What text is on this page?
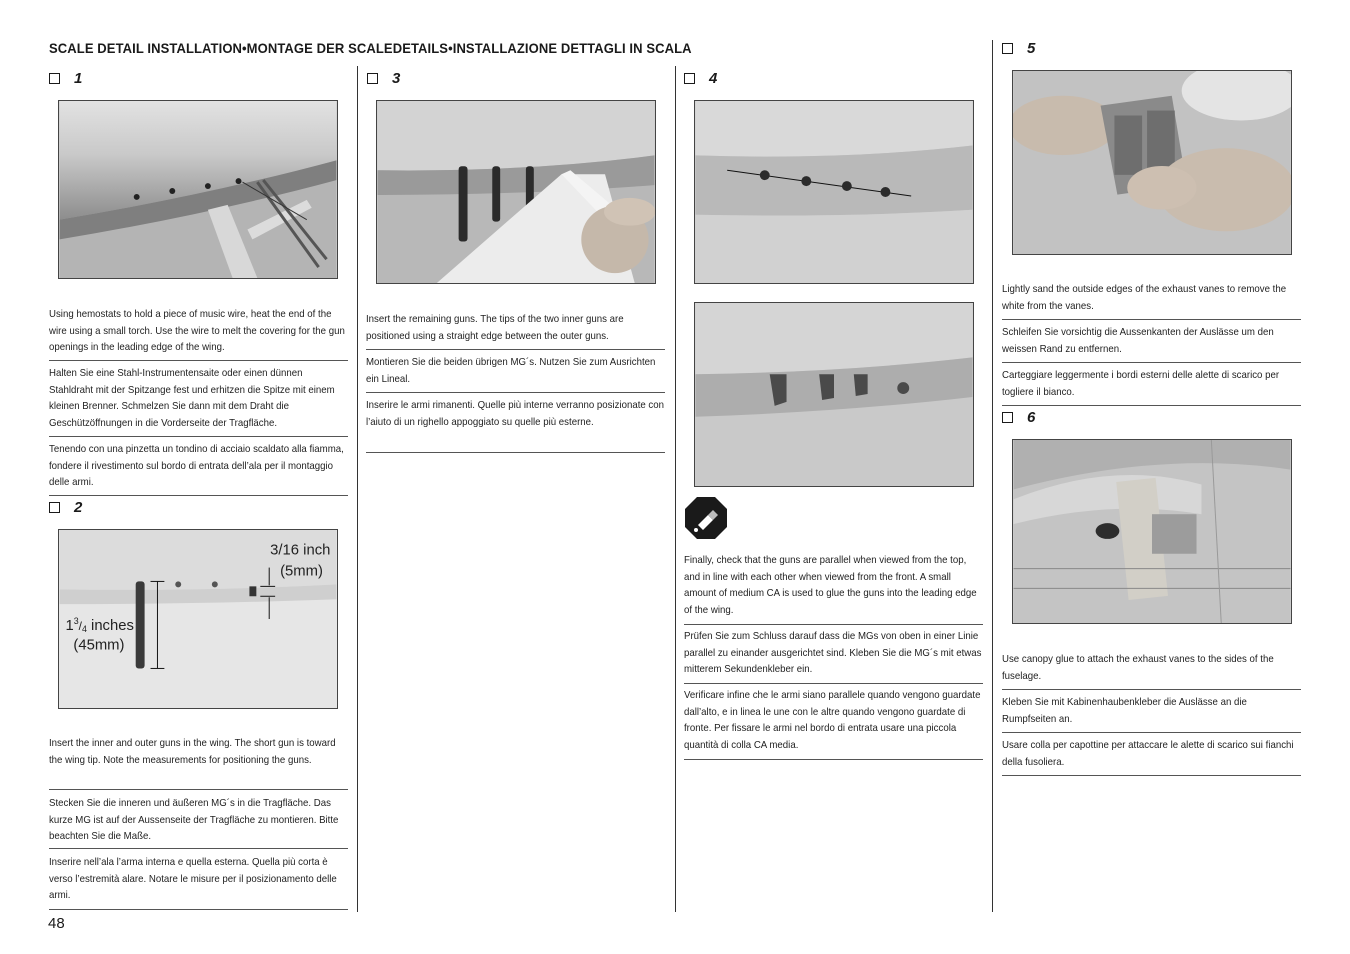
SCALE DETAIL INSTALLATION•MONTAGE DER SCALEDETAILS•INSTALLAZIONE DETTAGLI IN SCALA
1
Using hemostats to hold a piece of music wire, heat the end of the wire using a small torch. Use the wire to melt the covering for the gun openings in the leading edge of the wing.
Halten Sie eine Stahl-Instrumentensaite oder einen dünnen Stahldraht mit der Spitzange fest und erhitzen die Spitze mit einem kleinen Brenner. Schmelzen Sie dann mit dem Draht die Geschützöffnungen in die Vorderseite der Tragfläche.
Tenendo con una pinzetta un tondino di acciaio scaldato alla fiamma, fondere il rivestimento sul bordo di entrata dell’ala per il montaggio delle armi.
2
3/16 inch
(5mm)
$1^3_/4$ inches
(45mm)
Insert the inner and outer guns in the wing. The short gun is toward the wing tip. Note the measurements for positioning the guns.
Stecken Sie die inneren und äußeren MG´s in die Tragfläche. Das kurze MG ist auf der Aussenseite der Tragfläche zu montieren. Bitte beachten Sie die Maße.
Inserire nell’ala l’arma interna e quella esterna. Quella più corta è verso l’estremità alare. Notare le misure per il posizionamento delle armi.
48
3
Insert the remaining guns. The tips of the two inner guns are positioned using a straight edge between the outer guns.
Montieren Sie die beiden übrigen MG´s. Nutzen Sie zum Ausrichten ein Lineal.
Inserire le armi rimanenti. Quelle più interne verranno posizionate con l’aiuto di un righello appoggiato su quelle più esterne.
4
Finally, check that the guns are parallel when viewed from the top, and in line with each other when viewed from the front. A small amount of medium CA is used to glue the guns into the leading edge of the wing.
Prüfen Sie zum Schluss darauf dass die MGs von oben in einer Linie parallel zu einander ausgerichtet sind. Kleben Sie die MG´s mit etwas mitterem Sekundenkleber ein.
Verificare infine che le armi siano parallele quando vengono guardate dall’alto, e in linea le une con le altre quando vengono guardate di fronte. Per fissare le armi nel bordo di entrata usare una piccola quantità di colla CA media.
5
Lightly sand the outside edges of the exhaust vanes to remove the white from the vanes.
Schleifen Sie vorsichtig die Aussenkanten der Auslässe um den weissen Rand zu entfernen.
Carteggiare leggermente i bordi esterni delle alette di scarico per togliere il bianco.
6
Use canopy glue to attach the exhaust vanes to the sides of the fuselage.
Kleben Sie mit Kabinenhaubenkleber die Auslässe an die Rumpfseiten an.
Usare colla per capottine per attaccare le alette di scarico sui fianchi della fusoliera.
